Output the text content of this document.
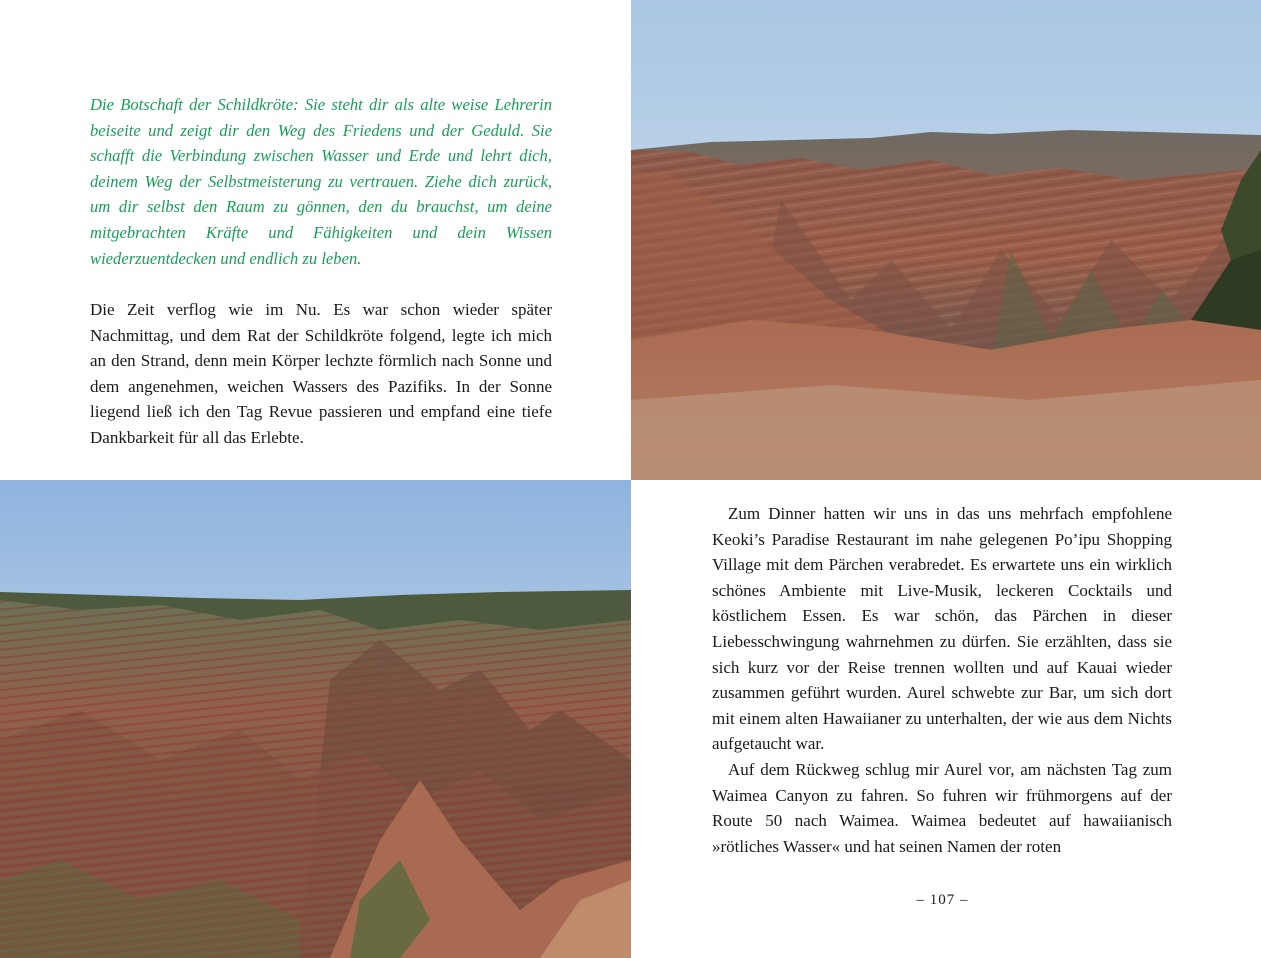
Die Botschaft der Schildkröte: Sie steht dir als alte weise Lehrerin beiseite und zeigt dir den Weg des Friedens und der Geduld. Sie schafft die Verbindung zwischen Wasser und Erde und lehrt dich, deinem Weg der Selbstmeisterung zu vertrauen. Ziehe dich zurück, um dir selbst den Raum zu gönnen, den du brauchst, um deine mitgebrachten Kräfte und Fähigkeiten und dein Wissen wiederzuentdecken und endlich zu leben.

Die Zeit verflog wie im Nu. Es war schon wieder später Nachmittag, und dem Rat der Schildkröte folgend, legte ich mich an den Strand, denn mein Körper lechzte förmlich nach Sonne und dem angenehmen, weichen Wassers des Pazifiks. In der Sonne liegend ließ ich den Tag Revue passieren und empfand eine tiefe Dankbarkeit für all das Erlebte.

Zum Dinner hatten wir uns in das uns mehrfach empfohlene Keoki’s Paradise Restaurant im nahe gelegenen Po’ipu Shopping Village mit dem Pärchen verabredet. Es erwartete uns ein wirklich schönes Ambiente mit Live-Musik, leckeren Cocktails und köstlichem Essen. Es war schön, das Pärchen in dieser Liebesschwingung wahrnehmen zu dürfen. Sie erzählten, dass sie sich kurz vor der Reise trennen wollten und auf Kauai wieder zusammen geführt wurden. Aurel schwebte zur Bar, um sich dort mit einem alten Hawaiianer zu unterhalten, der wie aus dem Nichts aufgetaucht war.

Auf dem Rückweg schlug mir Aurel vor, am nächsten Tag zum Waimea Canyon zu fahren. So fuhren wir frühmorgens auf der Route 50 nach Waimea. Waimea bedeutet auf hawaiianisch »rötliches Wasser« und hat seinen Namen der roten

– 107 –
